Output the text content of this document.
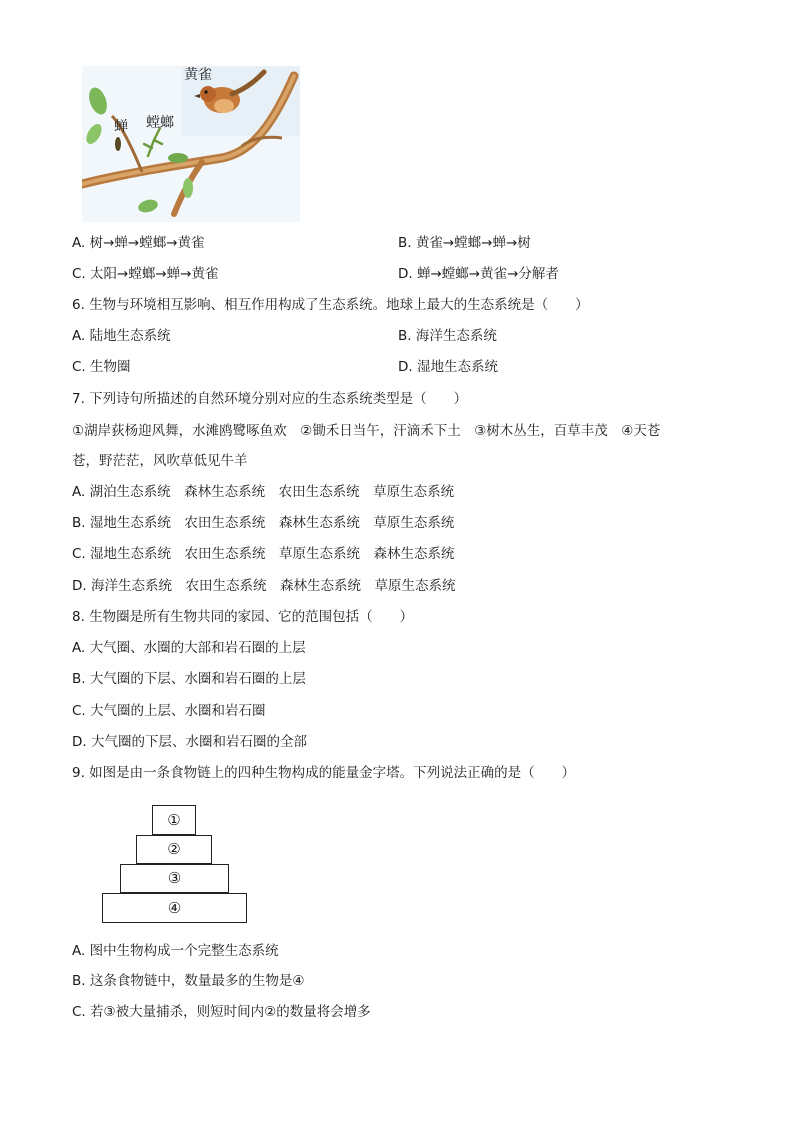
黄雀
蝉 螳螂
A. 树→蝉→螳螂→黄雀	B. 黄雀→螳螂→蝉→树
C. 太阳→螳螂→蝉→黄雀	D. 蝉→螳螂→黄雀→分解者
6. 生物与环境相互影响、相互作用构成了生态系统。地球上最大的生态系统是（　　）
A. 陆地生态系统	B. 海洋生态系统
C. 生物圈	D. 湿地生态系统
7. 下列诗句所描述的自然环境分别对应的生态系统类型是（　　）
①湖岸荻杨迎风舞，水滩鸥鹭啄鱼欢　②锄禾日当午，汗滴禾下土　③树木丛生，百草丰茂　④天苍
苍，野茫茫，风吹草低见牛羊
A. 湖泊生态系统　森林生态系统　农田生态系统　草原生态系统
B. 湿地生态系统　农田生态系统　森林生态系统　草原生态系统
C. 湿地生态系统　农田生态系统　草原生态系统　森林生态系统
D. 海洋生态系统　农田生态系统　森林生态系统　草原生态系统
8. 生物圈是所有生物共同的家园、它的范围包括（　　）
A. 大气圈、水圈的大部和岩石圈的上层
B. 大气圈的下层、水圈和岩石圈的上层
C. 大气圈的上层、水圈和岩石圈
D. 大气圈的下层、水圈和岩石圈的全部
9. 如图是由一条食物链上的四种生物构成的能量金字塔。下列说法正确的是（　　）
①
②
③
④
A. 图中生物构成一个完整生态系统
B. 这条食物链中，数量最多的生物是④
C. 若③被大量捕杀，则短时间内②的数量将会增多
